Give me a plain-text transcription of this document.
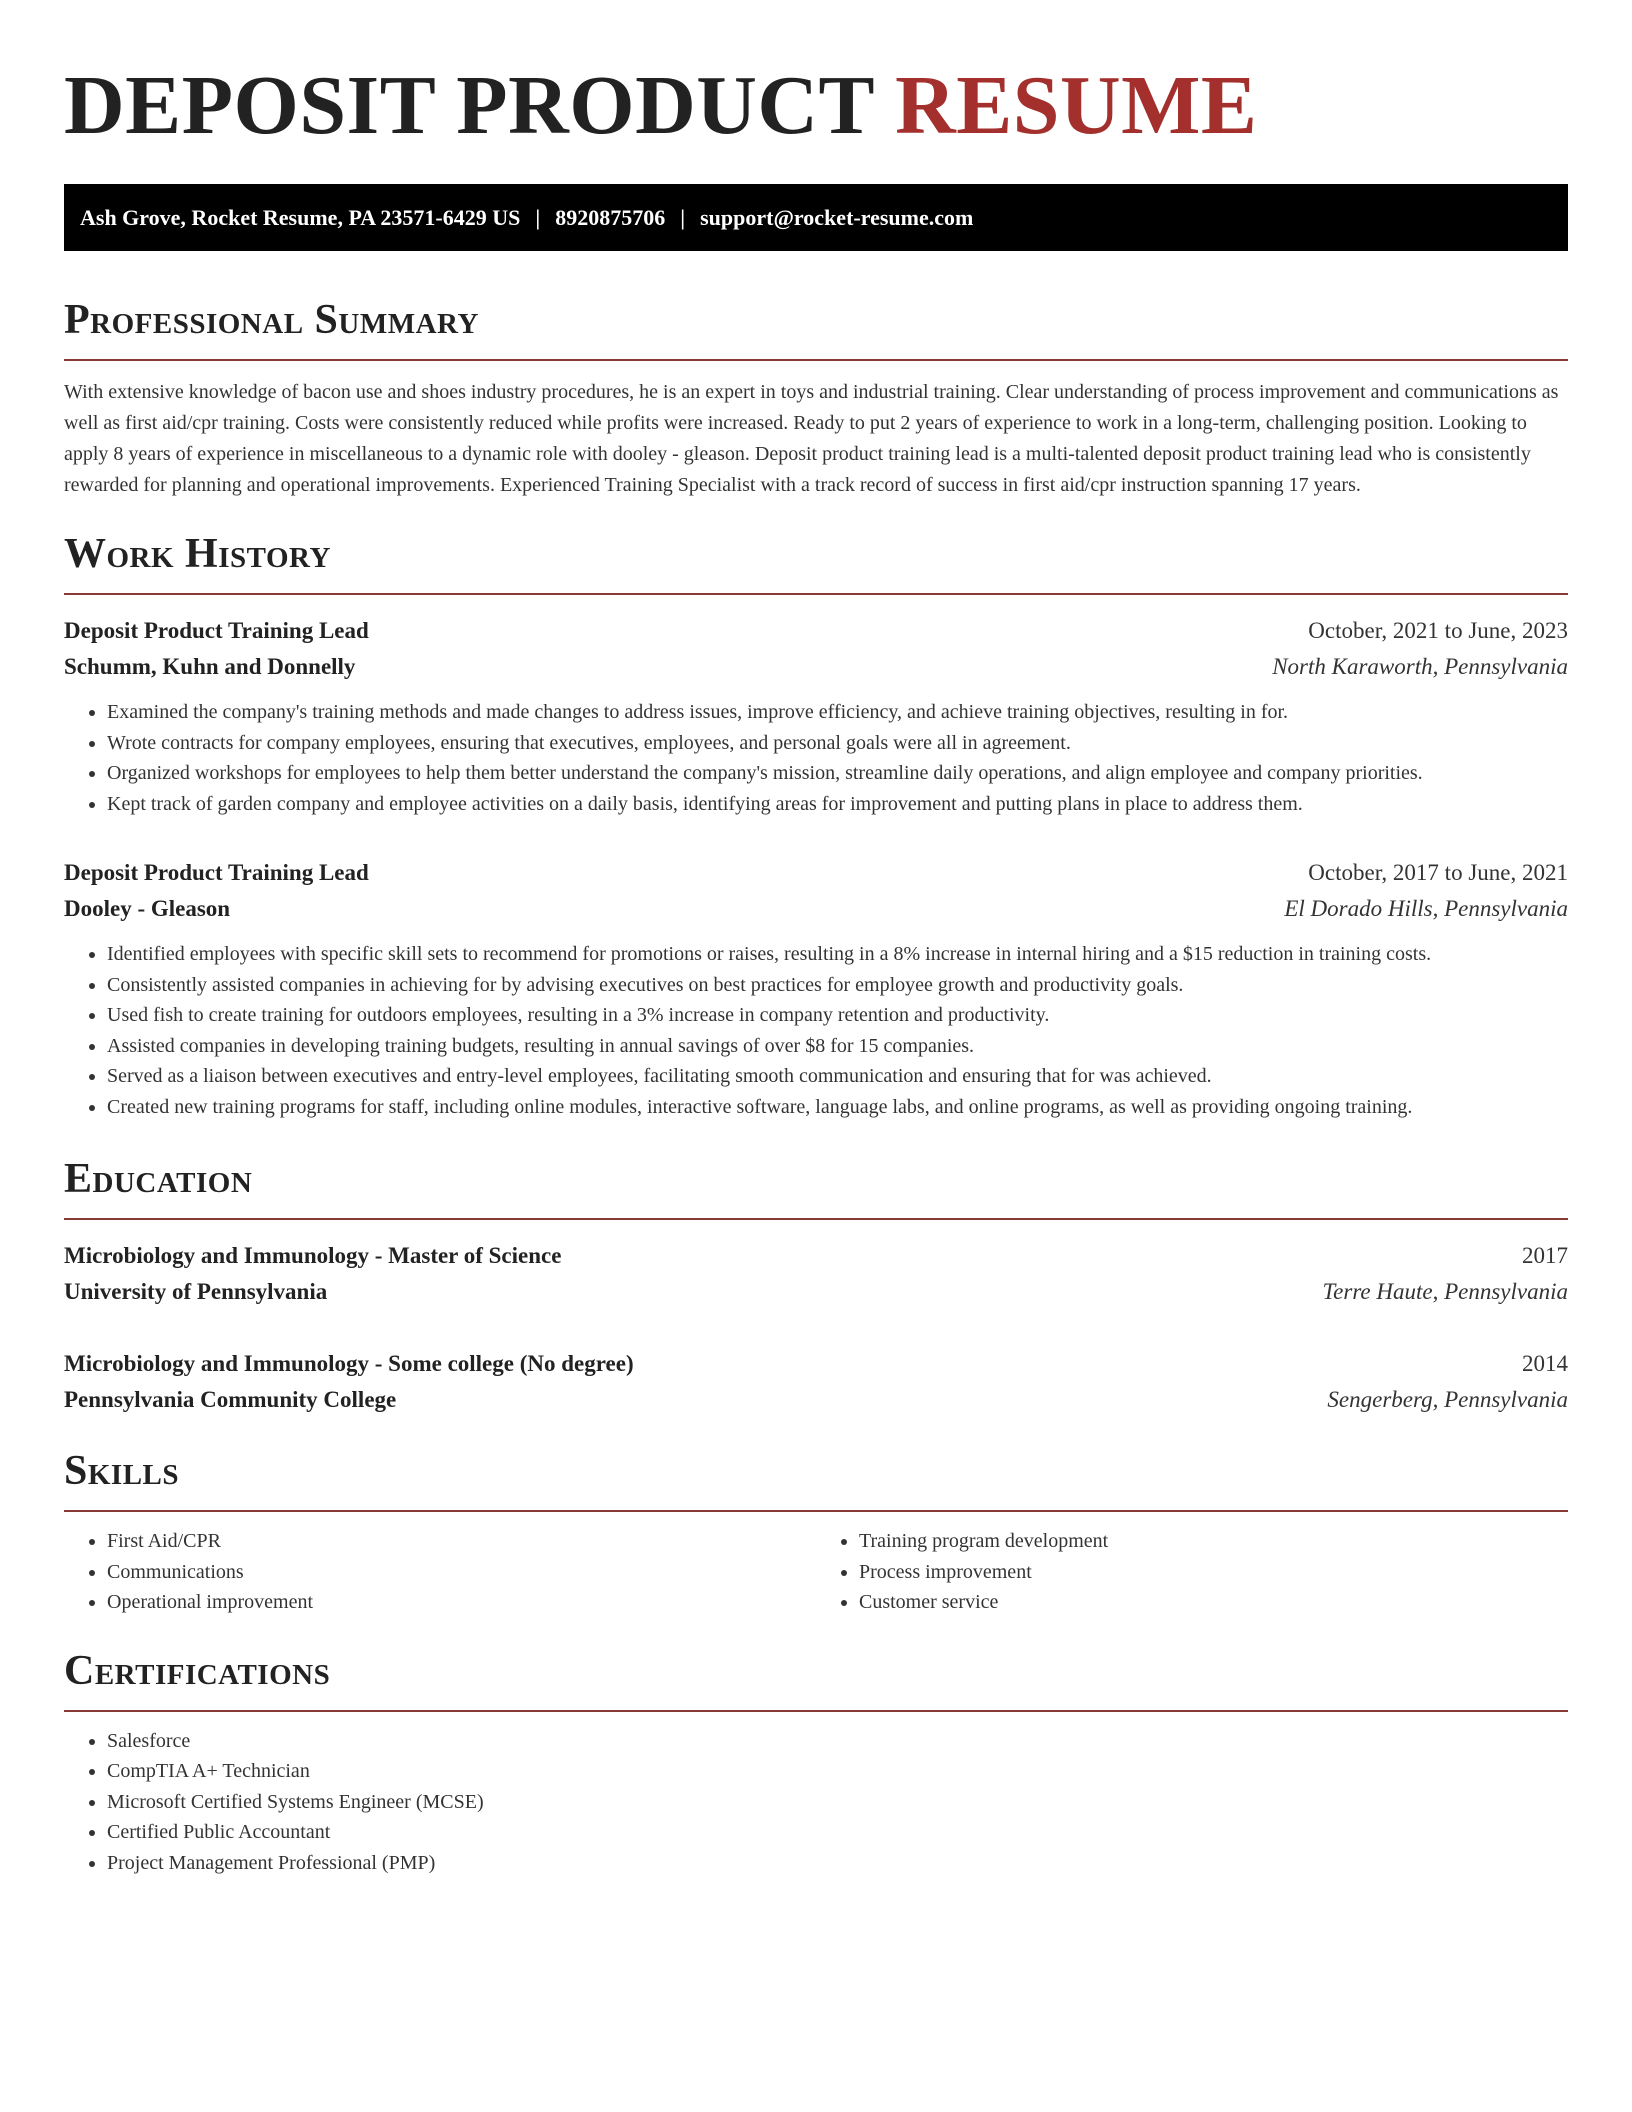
DEPOSIT PRODUCT RESUME
Ash Grove, Rocket Resume, PA 23571-6429 US | 8920875706 | support@rocket-resume.com
Professional Summary

With extensive knowledge of bacon use and shoes industry procedures, he is an expert in toys and industrial training. Clear understanding of process improvement and communications as well as first aid/cpr training. Costs were consistently reduced while profits were increased. Ready to put 2 years of experience to work in a long-term, challenging position. Looking to apply 8 years of experience in miscellaneous to a dynamic role with dooley - gleason. Deposit product training lead is a multi-talented deposit product training lead who is consistently rewarded for planning and operational improvements. Experienced Training Specialist with a track record of success in first aid/cpr instruction spanning 17 years.

Work History
Deposit Product Training Lead	October, 2021 to June, 2023
Schumm, Kuhn and Donnelly	North Karaworth, Pennsylvania
• Examined the company's training methods and made changes to address issues, improve efficiency, and achieve training objectives, resulting in for.
• Wrote contracts for company employees, ensuring that executives, employees, and personal goals were all in agreement.
• Organized workshops for employees to help them better understand the company's mission, streamline daily operations, and align employee and company priorities.
• Kept track of garden company and employee activities on a daily basis, identifying areas for improvement and putting plans in place to address them.
Deposit Product Training Lead	October, 2017 to June, 2021
Dooley - Gleason	El Dorado Hills, Pennsylvania
• Identified employees with specific skill sets to recommend for promotions or raises, resulting in a 8% increase in internal hiring and a $15 reduction in training costs.
• Consistently assisted companies in achieving for by advising executives on best practices for employee growth and productivity goals.
• Used fish to create training for outdoors employees, resulting in a 3% increase in company retention and productivity.
• Assisted companies in developing training budgets, resulting in annual savings of over $8 for 15 companies.
• Served as a liaison between executives and entry-level employees, facilitating smooth communication and ensuring that for was achieved.
• Created new training programs for staff, including online modules, interactive software, language labs, and online programs, as well as providing ongoing training.
Education
Microbiology and Immunology - Master of Science	2017
University of Pennsylvania	Terre Haute, Pennsylvania
Microbiology and Immunology - Some college (No degree)	2014
Pennsylvania Community College	Sengerberg, Pennsylvania
Skills
• First Aid/CPR
• Communications
• Operational improvement
• Training program development
• Process improvement
• Customer service
Certifications
• Salesforce
• CompTIA A+ Technician
• Microsoft Certified Systems Engineer (MCSE)
• Certified Public Accountant
• Project Management Professional (PMP)
